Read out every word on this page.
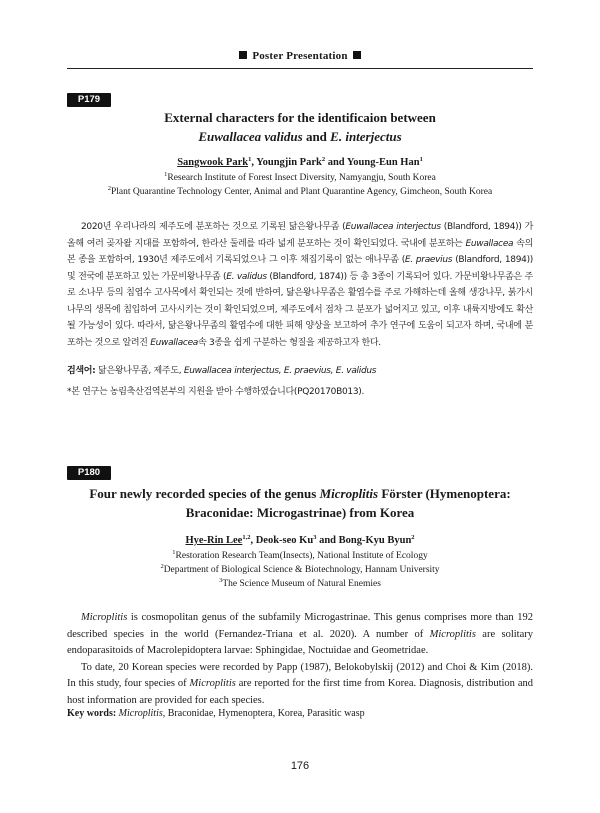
Poster Presentation
P179
External characters for the identificaion between
Euwallacea validus and E. interjectus
Sangwook Park$^1$, Youngjin Park$^2$ and Young-Eun Han$^1$
$^1$Research Institute of Forest Insect Diversity, Namyangju, South Korea
$^2$Plant Quarantine Technology Center, Animal and Plant Quarantine Agency, Gimcheon, South Korea

2020년 우리나라의 제주도에 분포하는 것으로 기록된 닮은왕나무좀 (Euwallacea interjectus (Blandford, 1894)) 가 올해 여러 곶자왈 지대를 포함하여, 한라산 둘레를 따라 넓게 분포하는 것이 확인되었다. 국내에 분포하는 Euwallacea 속의 본 종을 포함하여, 1930년 제주도에서 기록되었으나 그 이후 채집기록이 없는 애나무좀 (E. praevius (Blandford, 1894)) 및 전국에 분포하고 있는 가문비왕나무좀 (E. validus (Blandford, 1874)) 등 총 3종이 기록되어 있다. 가문비왕나무좀은 주로 소나무 등의 침엽수 고사목에서 확인되는 것에 반하여, 닮은왕나무좀은 활엽수를 주로 가해하는데 올해 생강나무, 붉가시나무의 생목에 침입하여 고사시키는 것이 확인되었으며, 제주도에서 점차 그 분포가 넓어지고 있고, 이후 내륙지방에도 확산될 가능성이 있다. 따라서, 닮은왕나무좀의 활엽수에 대한 피해 양상을 보고하여 추가 연구에 도움이 되고자 하며, 국내에 분포하는 것으로 알려진 Euwallacea속 3종을 쉽게 구분하는 형질을 제공하고자 한다.

검색어: 닮은왕나무좀, 제주도, Euwallacea interjectus, E. praevius, E. validus
*본 연구는 농림축산검역본부의 지원을 받아 수행하였습니다(PQ20170B013).
P180
Four newly recorded species of the genus Microplitis Förster (Hymenoptera:
Braconidae: Microgastrinae) from Korea
Hye-Rin Lee$^{1,2}$, Deok-seo Ku$^3$ and Bong-Kyu Byun$^2$
$^1$Restoration Research Team(Insects), National Institute of Ecology
$^2$Department of Biological Science & Biotechnology, Hannam University
$^3$The Science Museum of Natural Enemies

Microplitis is cosmopolitan genus of the subfamily Microgastrinae. This genus comprises more than 192 described species in the world (Fernandez-Triana et al. 2020). A number of Microplitis are solitary endoparasitoids of Macrolepidoptera larvae: Sphingidae, Noctuidae and Geometridae.

To date, 20 Korean species were recorded by Papp (1987), Belokobylskij (2012) and Choi & Kim (2018). In this study, four species of Microplitis are reported for the first time from Korea. Diagnosis, distribution and host information are provided for each species.

Key words: Microplitis, Braconidae, Hymenoptera, Korea, Parasitic wasp
176
